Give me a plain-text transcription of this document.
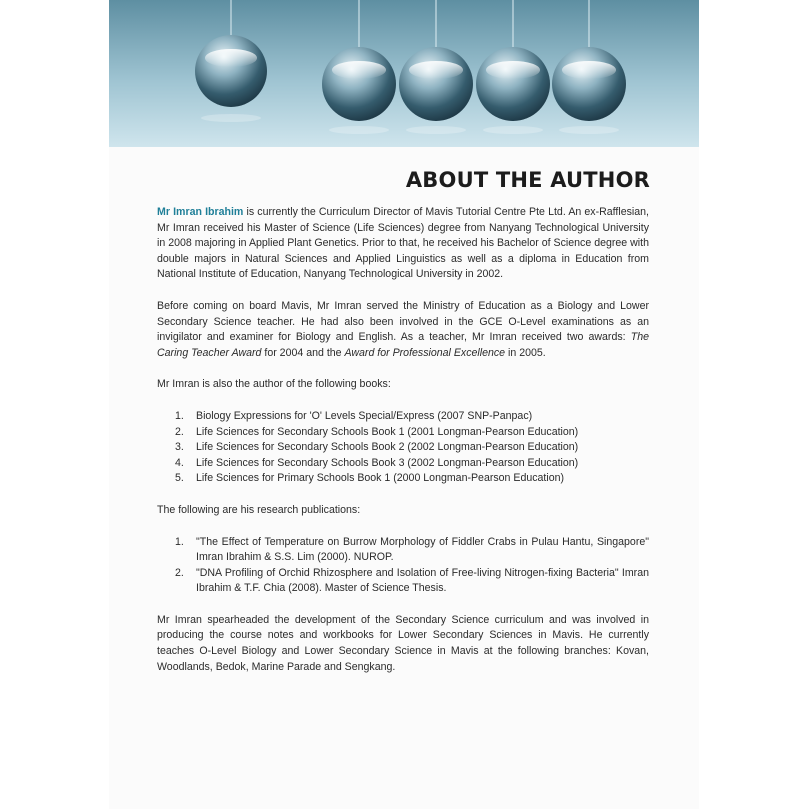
ABOUT THE AUTHOR

Mr Imran Ibrahim is currently the Curriculum Director of Mavis Tutorial Centre Pte Ltd. An ex-Rafflesian, Mr Imran received his Master of Science (Life Sciences) degree from Nanyang Technological University in 2008 majoring in Applied Plant Genetics. Prior to that, he received his Bachelor of Science degree with double majors in Natural Sciences and Applied Linguistics as well as a diploma in Education from National Institute of Education, Nanyang Technological University in 2002.

Before coming on board Mavis, Mr Imran served the Ministry of Education as a Biology and Lower Secondary Science teacher. He had also been involved in the GCE O-Level examinations as an invigilator and examiner for Biology and English. As a teacher, Mr Imran received two awards: The Caring Teacher Award for 2004 and the Award for Professional Excellence in 2005.

Mr Imran is also the author of the following books:

1. Biology Expressions for 'O' Levels Special/Express (2007 SNP-Panpac)
2. Life Sciences for Secondary Schools Book 1 (2001 Longman-Pearson Education)
3. Life Sciences for Secondary Schools Book 2 (2002 Longman-Pearson Education)
4. Life Sciences for Secondary Schools Book 3 (2002 Longman-Pearson Education)
5. Life Sciences for Primary Schools Book 1 (2000 Longman-Pearson Education)

The following are his research publications:

1. "The Effect of Temperature on Burrow Morphology of Fiddler Crabs in Pulau Hantu, Singapore" Imran Ibrahim & S.S. Lim (2000). NUROP.
2. "DNA Profiling of Orchid Rhizosphere and Isolation of Free-living Nitrogen-fixing Bacteria" Imran Ibrahim & T.F. Chia (2008). Master of Science Thesis.

Mr Imran spearheaded the development of the Secondary Science curriculum and was involved in producing the course notes and workbooks for Lower Secondary Sciences in Mavis. He currently teaches O-Level Biology and Lower Secondary Science in Mavis at the following branches: Kovan, Woodlands, Bedok, Marine Parade and Sengkang.
